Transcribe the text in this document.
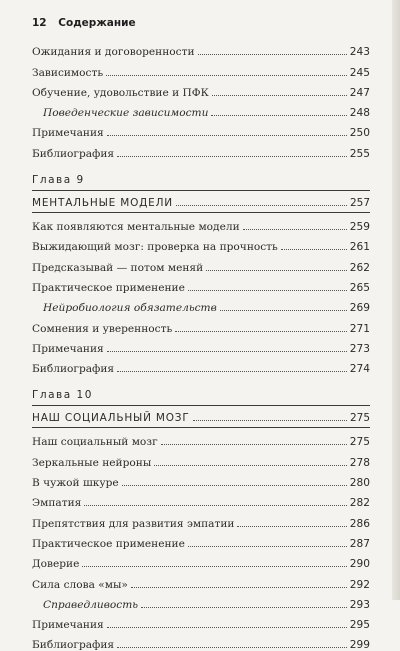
12 Содержание
Ожидания и договоренности	243
Зависимость	245
Обучение, удовольствие и ПФК	247
Поведенческие зависимости	248
Примечания	250
Библиография	255
Глава 9
МЕНТАЛЬНЫЕ МОДЕЛИ	257
Как появляются ментальные модели	259
Выжидающий мозг: проверка на прочность	261
Предсказывай — потом меняй	262
Практическое применение	265
Нейробиология обязательств	269
Сомнения и уверенность	271
Примечания	273
Библиография	274
Глава 10
НАШ СОЦИАЛЬНЫЙ МОЗГ	275
Наш социальный мозг	275
Зеркальные нейроны	278
В чужой шкуре	280
Эмпатия	282
Препятствия для развития эмпатии	286
Практическое применение	287
Доверие	290
Сила слова «мы»	292
Справедливость	293
Примечания	295
Библиография	299
